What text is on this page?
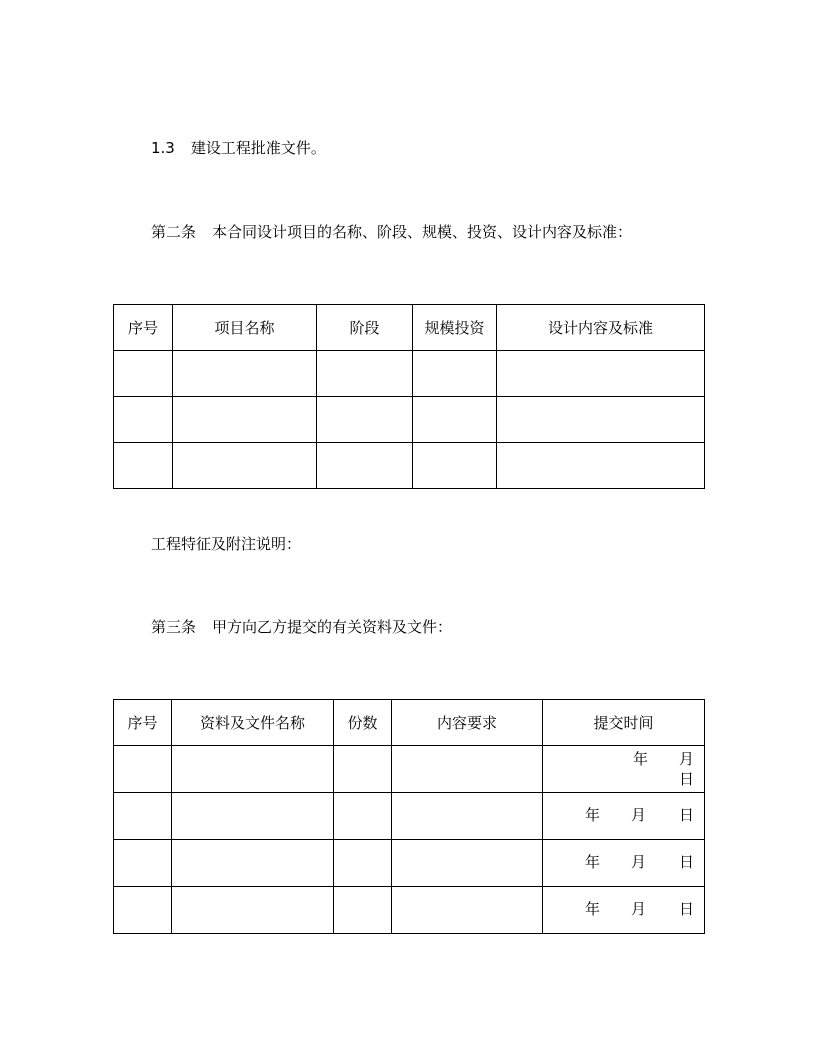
1.3 建设工程批准文件。
第二条 本合同设计项目的名称、阶段、规模、投资、设计内容及标准：
序号	项目名称	阶段	规模投资	设计内容及标准

工程特征及附注说明：
第三条 甲方向乙方提交的有关资料及文件：
序号	资料及文件名称	份数	内容要求	提交时间

				年 月
日

				年 月 日

				年 月 日

				年 月 日
